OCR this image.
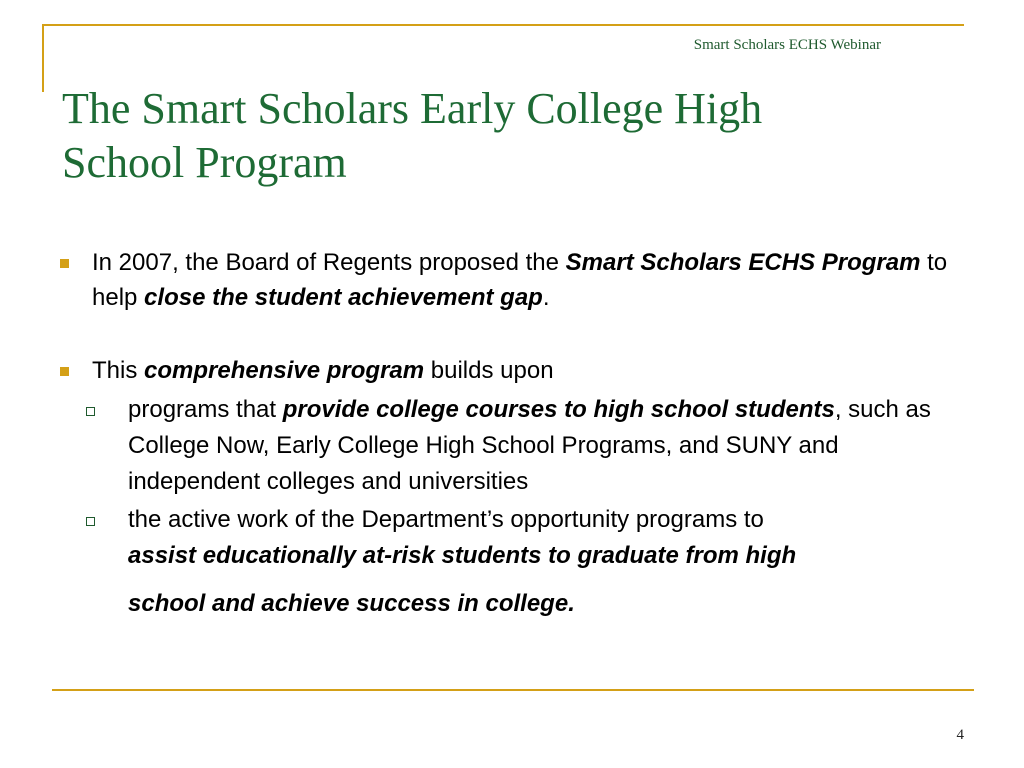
Smart Scholars ECHS Webinar
The Smart Scholars Early College High
School Program
In 2007, the Board of Regents proposed the Smart Scholars ECHS Program to help close the student achievement gap.
This comprehensive program builds upon
programs that provide college courses to high school students, such as College Now, Early College High School Programs, and SUNY and independent colleges and universities
the active work of the Department’s opportunity programs to
assist educationally at-risk students to graduate from high
school and achieve success in college.
4
